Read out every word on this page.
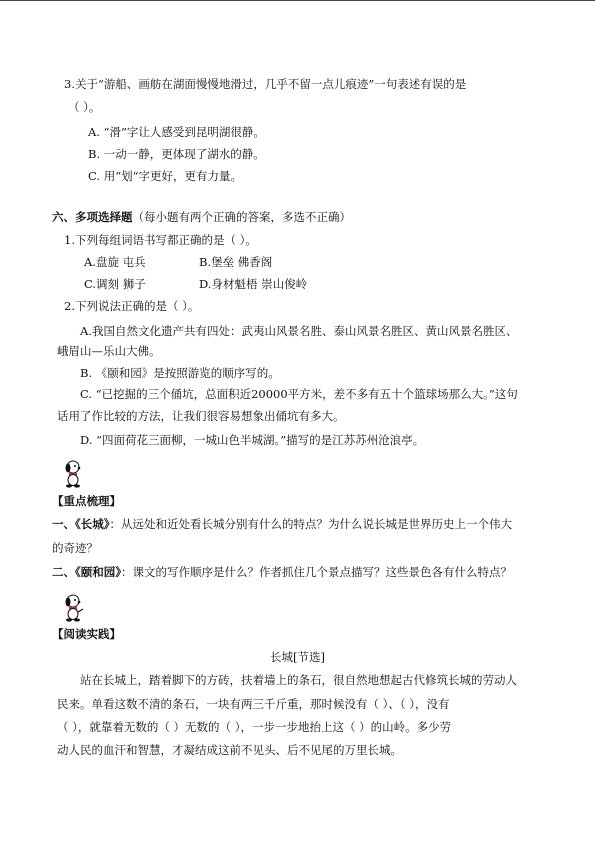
3.关于“游船、画舫在湖面慢慢地滑过，几乎不留一点儿痕迹”一句表述有误的是
（ ）。
A. “滑”字让人感受到昆明湖很静。
B. 一动一静，更体现了湖水的静。
C. 用“划“字更好，更有力量。
六、多项选择题（每小题有两个正确的答案，多选不正确）
1.下列每组词语书写都正确的是（ ）。
A.盘旋 屯兵	B.堡垒 佛香阁
C.调刻 狮子	D.身材魁梧 崇山俊岭
2.下列说法正确的是（ ）。
A.我国自然文化遗产共有四处：武夷山风景名胜、泰山风景名胜区、黄山风景名胜区、
峨眉山—乐山大佛。
B. 《颐和园》是按照游览的顺序写的。
C. “已挖掘的三个俑坑，总面积近20000平方米，差不多有五十个篮球场那么大。”这句
话用了作比较的方法，让我们很容易想象出俑坑有多大。
D. “四面荷花三面柳，一城山色半城湖。”描写的是江苏苏州沧浪亭。
【重点梳理】
一、《长城》：从远处和近处看长城分别有什么的特点？为什么说长城是世界历史上一个伟大
的奇迹？
二、《颐和园》：课文的写作顺序是什么？作者抓住几个景点描写？这些景色各有什么特点？
【阅读实践】
长城[节选]
站在长城上，踏着脚下的方砖，扶着墙上的条石，很自然地想起古代修筑长城的劳动人
民来。单看这数不清的条石，一块有两三千斤重，那时候没有（ ）、（ ），没有
（ ），就靠着无数的（ ）无数的（ ），一步一步地抬上这（ ）的山岭。多少劳
动人民的血汗和智慧，才凝结成这前不见头、后不见尾的万里长城。
